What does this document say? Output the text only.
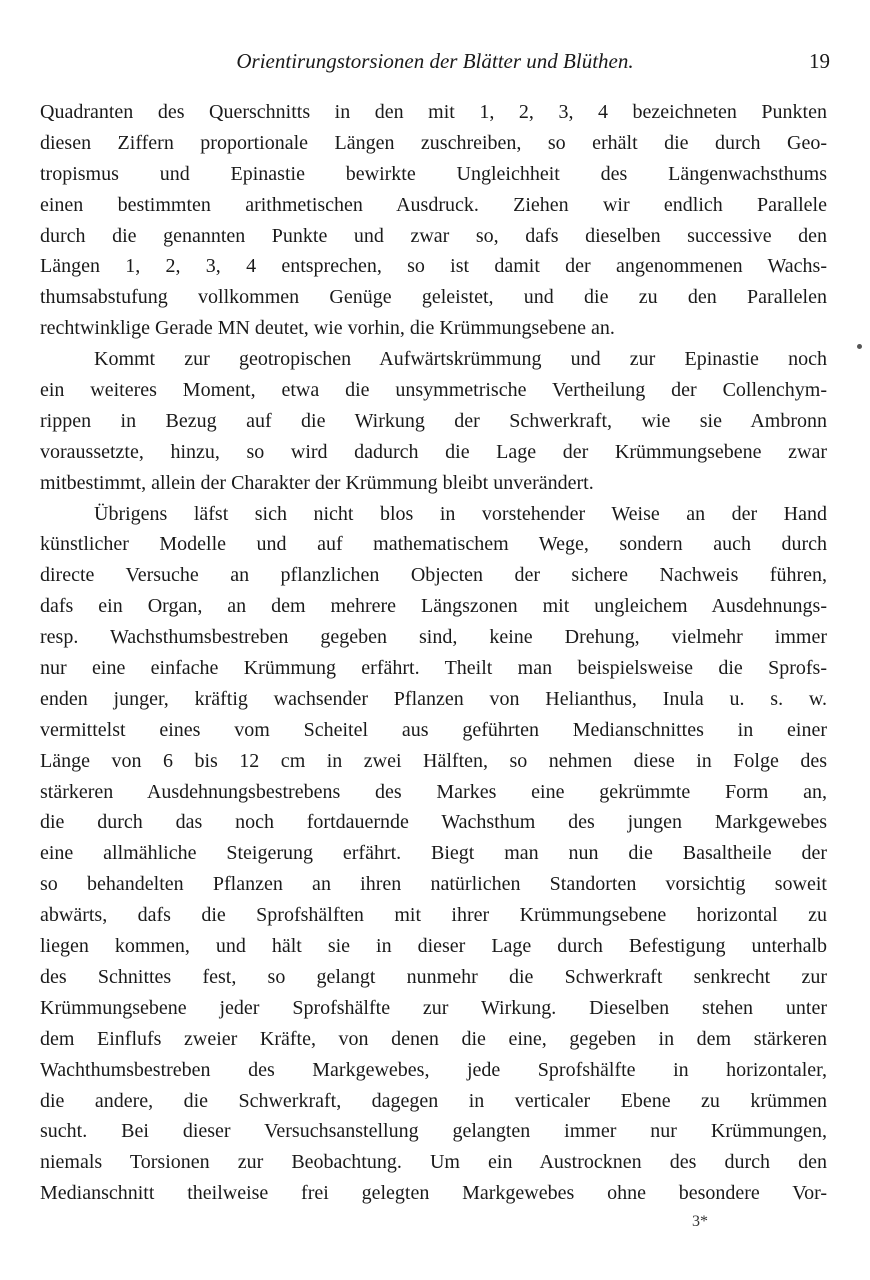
Orientirungstorsionen der Blätter und Blüthen.	19
Quadranten des Querschnitts in den mit 1, 2, 3, 4 bezeichneten Punkten
diesen Ziffern proportionale Längen zuschreiben, so erhält die durch Geo-
tropismus und Epinastie bewirkte Ungleichheit des Längenwachsthums
einen bestimmten arithmetischen Ausdruck. Ziehen wir endlich Parallele
durch die genannten Punkte und zwar so, dafs dieselben successive den
Längen 1, 2, 3, 4 entsprechen, so ist damit der angenommenen Wachs-
thumsabstufung vollkommen Genüge geleistet, und die zu den Parallelen
rechtwinklige Gerade MN deutet, wie vorhin, die Krümmungsebene an.
Kommt zur geotropischen Aufwärtskrümmung und zur Epinastie noch
ein weiteres Moment, etwa die unsymmetrische Vertheilung der Collenchym-
rippen in Bezug auf die Wirkung der Schwerkraft, wie sie Ambronn
voraussetzte, hinzu, so wird dadurch die Lage der Krümmungsebene zwar
mitbestimmt, allein der Charakter der Krümmung bleibt unverändert.
Übrigens läfst sich nicht blos in vorstehender Weise an der Hand
künstlicher Modelle und auf mathematischem Wege, sondern auch durch
directe Versuche an pflanzlichen Objecten der sichere Nachweis führen,
dafs ein Organ, an dem mehrere Längszonen mit ungleichem Ausdehnungs-
resp. Wachsthumsbestreben gegeben sind, keine Drehung, vielmehr immer
nur eine einfache Krümmung erfährt. Theilt man beispielsweise die Sprofs-
enden junger, kräftig wachsender Pflanzen von Helianthus, Inula u. s. w.
vermittelst eines vom Scheitel aus geführten Medianschnittes in einer
Länge von 6 bis 12 cm in zwei Hälften, so nehmen diese in Folge des
stärkeren Ausdehnungsbestrebens des Markes eine gekrümmte Form an,
die durch das noch fortdauernde Wachsthum des jungen Markgewebes
eine allmähliche Steigerung erfährt. Biegt man nun die Basaltheile der
so behandelten Pflanzen an ihren natürlichen Standorten vorsichtig soweit
abwärts, dafs die Sprofshälften mit ihrer Krümmungsebene horizontal zu
liegen kommen, und hält sie in dieser Lage durch Befestigung unterhalb
des Schnittes fest, so gelangt nunmehr die Schwerkraft senkrecht zur
Krümmungsebene jeder Sprofshälfte zur Wirkung. Dieselben stehen unter
dem Einflufs zweier Kräfte, von denen die eine, gegeben in dem stärkeren
Wachthumsbestreben des Markgewebes, jede Sprofshälfte in horizontaler,
die andere, die Schwerkraft, dagegen in verticaler Ebene zu krümmen
sucht. Bei dieser Versuchsanstellung gelangten immer nur Krümmungen,
niemals Torsionen zur Beobachtung. Um ein Austrocknen des durch den
Medianschnitt theilweise frei gelegten Markgewebes ohne besondere Vor-
3*
